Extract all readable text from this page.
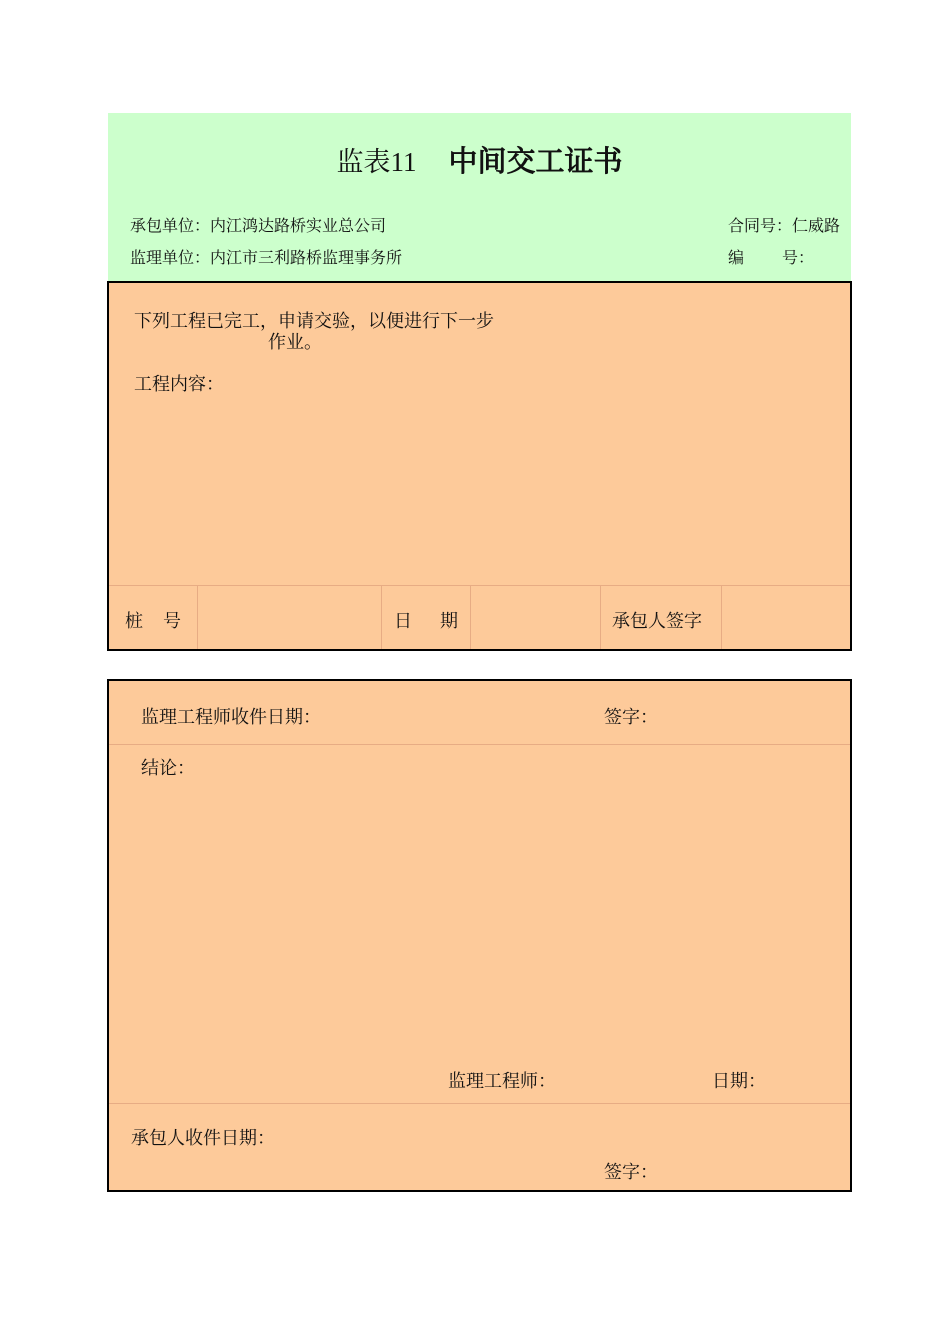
监表11 中间交工证书
承包单位：内江鸿达路桥实业总公司	合同号：仁威路
监理单位：内江市三利路桥监理事务所	编 号：
下列工程已完工，申请交验，以便进行下一步
作业。
工程内容：
桩 号	日 期	承包人签字
监理工程师收件日期：	签字：
结论：
监理工程师：	日期：
承包人收件日期：
签字：
